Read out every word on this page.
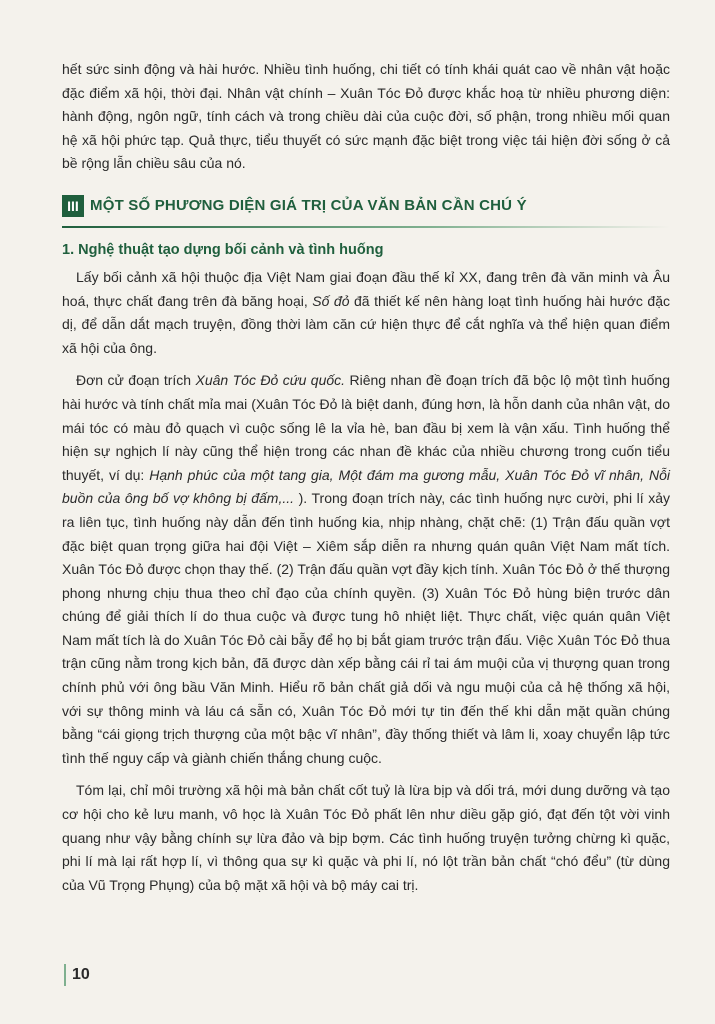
hết sức sinh động và hài hước. Nhiều tình huống, chi tiết có tính khái quát cao về nhân vật hoặc đặc điểm xã hội, thời đại. Nhân vật chính – Xuân Tóc Đỏ được khắc hoạ từ nhiều phương diện: hành động, ngôn ngữ, tính cách và trong chiều dài của cuộc đời, số phận, trong nhiều mối quan hệ xã hội phức tạp. Quả thực, tiểu thuyết có sức mạnh đặc biệt trong việc tái hiện đời sống ở cả bề rộng lẫn chiều sâu của nó.

III MỘT SỐ PHƯƠNG DIỆN GIÁ TRỊ CỦA VĂN BẢN CẦN CHÚ Ý
1. Nghệ thuật tạo dựng bối cảnh và tình huống

Lấy bối cảnh xã hội thuộc địa Việt Nam giai đoạn đầu thế kỉ XX, đang trên đà văn minh và Âu hoá, thực chất đang trên đà băng hoại, Số đỏ đã thiết kế nên hàng loạt tình huống hài hước đặc dị, để dẫn dắt mạch truyện, đồng thời làm căn cứ hiện thực để cắt nghĩa và thể hiện quan điểm xã hội của ông.

Đơn cử đoạn trích Xuân Tóc Đỏ cứu quốc. Riêng nhan đề đoạn trích đã bộc lộ một tình huống hài hước và tính chất mỉa mai (Xuân Tóc Đỏ là biệt danh, đúng hơn, là hỗn danh của nhân vật, do mái tóc có màu đỏ quạch vì cuộc sống lê la vỉa hè, ban đầu bị xem là vận xấu. Tình huống thể hiện sự nghịch lí này cũng thể hiện trong các nhan đề khác của nhiều chương trong cuốn tiểu thuyết, ví dụ: Hạnh phúc của một tang gia, Một đám ma gương mẫu, Xuân Tóc Đỏ vĩ nhân, Nỗi buồn của ông bố vợ không bị đấm,... ). Trong đoạn trích này, các tình huống nực cười, phi lí xảy ra liên tục, tình huống này dẫn đến tình huống kia, nhịp nhàng, chặt chẽ: (1) Trận đấu quần vợt đặc biệt quan trọng giữa hai đội Việt – Xiêm sắp diễn ra nhưng quán quân Việt Nam mất tích. Xuân Tóc Đỏ được chọn thay thế. (2) Trận đấu quần vợt đầy kịch tính. Xuân Tóc Đỏ ở thế thượng phong nhưng chịu thua theo chỉ đạo của chính quyền. (3) Xuân Tóc Đỏ hùng biện trước dân chúng để giải thích lí do thua cuộc và được tung hô nhiệt liệt. Thực chất, việc quán quân Việt Nam mất tích là do Xuân Tóc Đỏ cài bẫy để họ bị bắt giam trước trận đấu. Việc Xuân Tóc Đỏ thua trận cũng nằm trong kịch bản, đã được dàn xếp bằng cái rỉ tai ám muội của vị thượng quan trong chính phủ với ông bầu Văn Minh. Hiểu rõ bản chất giả dối và ngu muội của cả hệ thống xã hội, với sự thông minh và láu cá sẵn có, Xuân Tóc Đỏ mới tự tin đến thế khi dẫn mặt quần chúng bằng “cái giọng trịch thượng của một bậc vĩ nhân”, đầy thống thiết và lâm li, xoay chuyển lập tức tình thế nguy cấp và giành chiến thắng chung cuộc.

Tóm lại, chỉ môi trường xã hội mà bản chất cốt tuỷ là lừa bịp và dối trá, mới dung dưỡng và tạo cơ hội cho kẻ lưu manh, vô học là Xuân Tóc Đỏ phất lên như diều gặp gió, đạt đến tột vời vinh quang như vậy bằng chính sự lừa đảo và bịp bợm. Các tình huống truyện tưởng chừng kì quặc, phi lí mà lại rất hợp lí, vì thông qua sự kì quặc và phi lí, nó lột trần bản chất “chó đểu” (từ dùng của Vũ Trọng Phụng) của bộ mặt xã hội và bộ máy cai trị.

10
